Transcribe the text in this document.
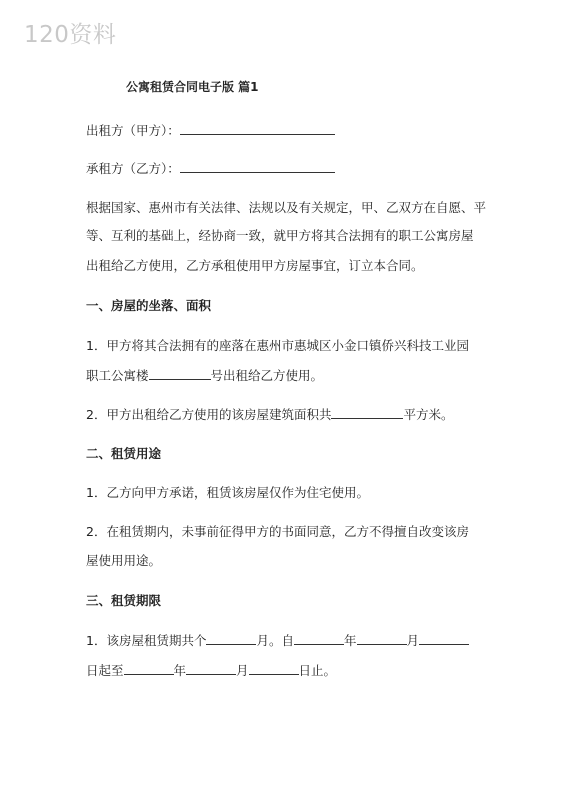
120资料
公寓租赁合同电子版 篇1
出租方（甲方）：
承租方（乙方）：
根据国家、惠州市有关法律、法规以及有关规定，甲、乙双方在自愿、平
等、互利的基础上，经协商一致，就甲方将其合法拥有的职工公寓房屋
出租给乙方使用，乙方承租使用甲方房屋事宜，订立本合同。
一、房屋的坐落、面积
1．甲方将其合法拥有的座落在惠州市惠城区小金口镇侨兴科技工业园
职工公寓楼	号出租给乙方使用。
2．甲方出租给乙方使用的该房屋建筑面积共	平方米。
二、租赁用途
1．乙方向甲方承诺，租赁该房屋仅作为住宅使用。
2．在租赁期内，未事前征得甲方的书面同意，乙方不得擅自改变该房
屋使用用途。
三、租赁期限
1．该房屋租赁期共个	月。自	年	月
日起至	年	月	日止。
